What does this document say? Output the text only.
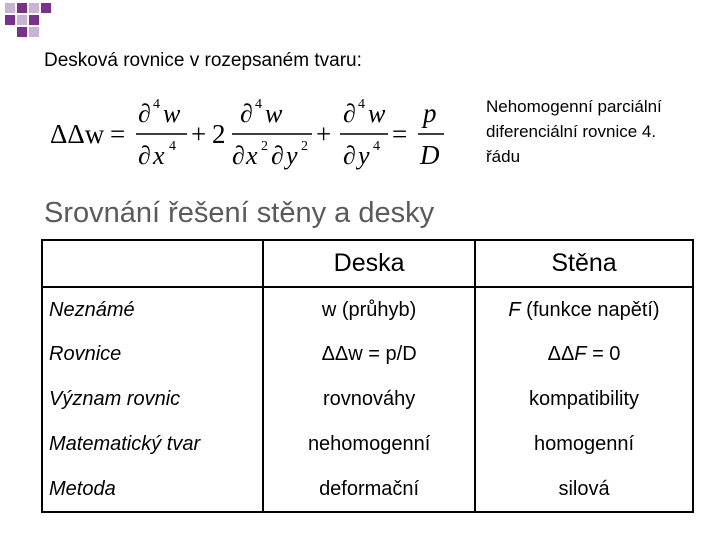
Desková rovnice v rozepsaném tvaru:
ΔΔw =
∂ 4 w
∂ x 4 + 2
∂ 4 w
∂ x 2 ∂ y 2 +
∂ 4 w
∂ y 4 =
p
D
Nehomogenní parciální
diferenciální rovnice 4.
řádu
Srovnání řešení stěny a desky
	Deska	Stěna
Neznámé	w (průhyb)	F (funkce napětí)
Rovnice	ΔΔw = p/D	ΔΔF = 0
Význam rovnic	rovnováhy	kompatibility
Matematický tvar	nehomogenní	homogenní
Metoda	deformační	silová
